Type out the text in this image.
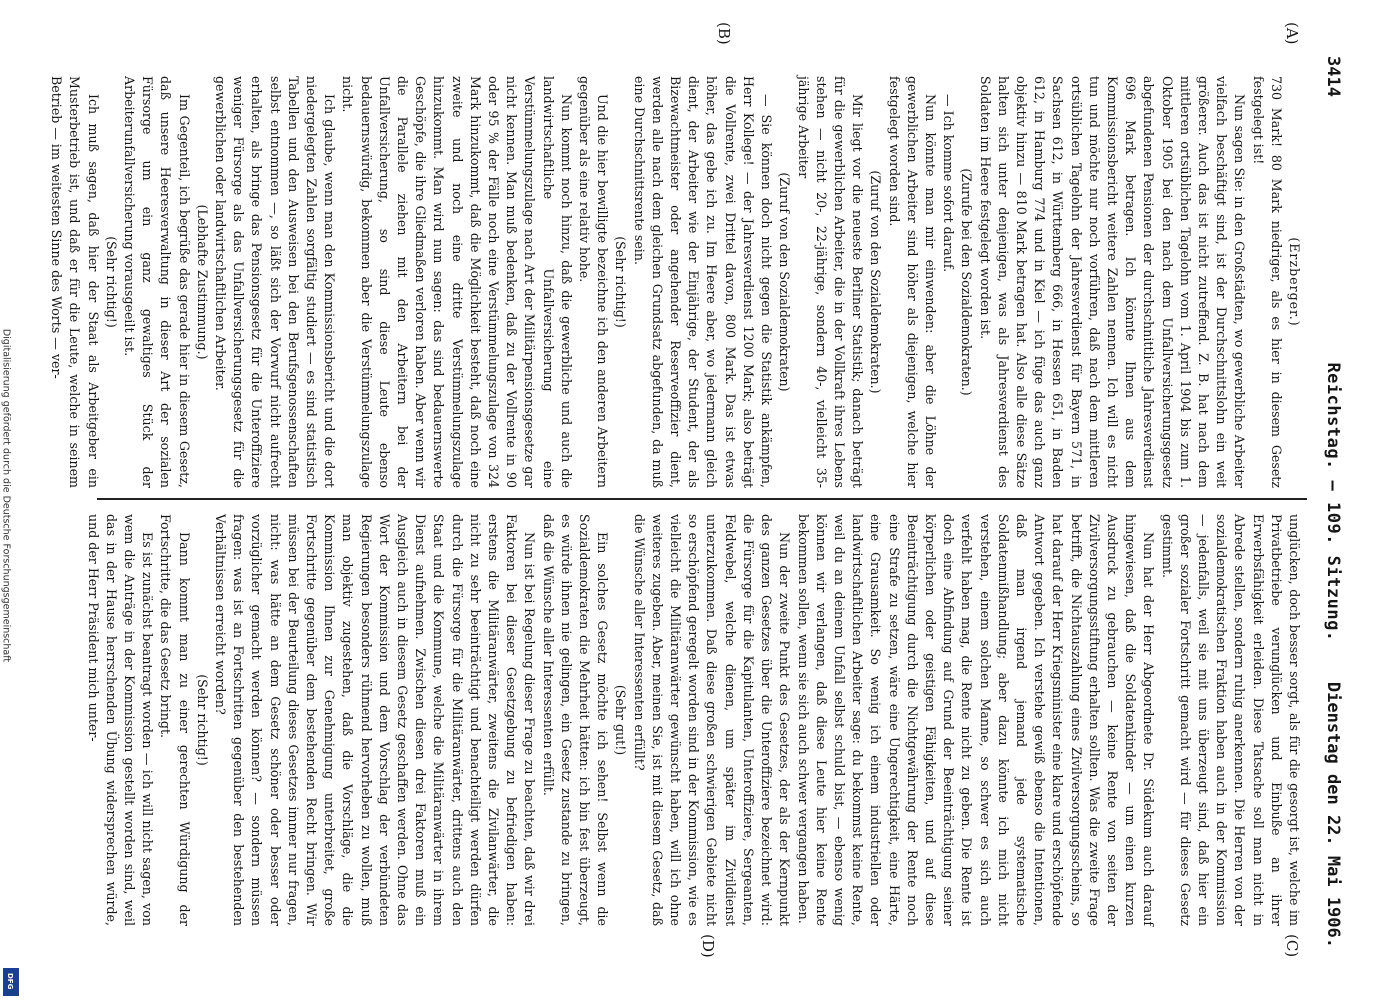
3414
Reichstag. — 109. Sitzung.
Dienstag den 22. Mai 1906.
(A)
(B)
(C)
(D)

(Erzberger.)

730 Mark! 80 Mark niedriger, als es hier in diesem Gesetz festgelegt ist!

Nun sagen Sie: in den Großstädten, wo gewerbliche Arbeiter vielfach beschäftigt sind, ist der Durchschnittslohn ein weit größerer. Auch das ist nicht zutreffend. Z. B. hat nach dem mittleren ortsüblichen Tagelohn vom 1. April 1904 bis zum 1. Oktober 1905 bei den nach dem Unfallversicherungsgesetz abgefundenen Pensionen der durchschnittliche Jahresverdienst 696 Mark betragen. Ich könnte Ihnen aus dem Kommissionsbericht weitere Zahlen nennen. Ich will es nicht tun und möchte nur noch vorführen, daß nach dem mittleren ortsüblichen Tagelohn der Jahresverdienst für Bayern 571, in Sachsen 612, in Württemberg 666, in Hessen 651, in Baden 612, in Hamburg 774 und in Kiel — ich füge das auch ganz objektiv hinzu — 810 Mark betragen hat. Also alle diese Sätze halten sich unter denjenigen, was als Jahresverdienst des Soldaten im Heere festgelegt worden ist.

(Zurufe bei den Sozialdemokraten.)

— Ich komme sofort darauf.

Nun könnte man mir einwenden: aber die Löhne der gewerblichen Arbeiter sind höher als diejenigen, welche hier festgelegt worden sind.

(Zuruf von den Sozialdemokraten.)

Mir liegt vor die neueste Berliner Statistik; danach beträgt für die gewerblichen Arbeiter, die in der Vollkraft ihres Lebens stehen — nicht 20-, 22-jährige, sondern 40-, vielleicht 35-jährige Arbeiter

(Zuruf von den Sozialdemokraten)

— Sie können doch nicht gegen die Statistik ankämpfen, Herr Kollege! — der Jahresverdienst 1200 Mark; also beträgt die Vollrente, zwei Drittel davon, 800 Mark. Das ist etwas höher, das gebe ich zu. Im Heere aber, wo jedermann gleich dient, der Arbeiter wie der Einjährige, der Student, der als Bizewachtmeister oder angehender Reserveoffizier dient, werden alle nach dem gleichen Grundsatz abgefunden, da muß eine Durchschnittsrente sein.

(Sehr richtig!)

Und die hier bewilligte bezeichne ich den anderen Arbeitern gegenüber als eine relativ hohe.

Nun kommt noch hinzu, daß die gewerbliche und auch die landwirtschaftliche Unfallversicherung eine Verstümmelungszulage nach Art der Militärpensionsgesetze gar nicht kennen. Man muß bedenken, daß zu der Vollrente in 90 oder 95 % der Fälle noch eine Verstümmelungszulage von 324 Mark hinzukommt, daß die Möglichkeit besteht, daß noch eine zweite und noch eine dritte Verstümmelungszulage hinzukommt. Man wird nun sagen: das sind bedauernswerte Geschöpfe, die ihre Gliedmaßen verloren haben. Aber wenn wir die Parallele ziehen mit den Arbeitern bei der Unfallversicherung, so sind diese Leute ebenso bedauernswürdig, bekommen aber die Verstümmelungszulage nicht.

Ich glaube, wenn man den Kommissionsbericht und die dort niedergelegten Zahlen sorgfältig studiert — es sind statistisch Tabellen und den Ausweisen bei den Berufsgenossenschaften selbst entnommen —, so läßt sich der Vorwurf nicht aufrecht erhalten, als bringe das Pensionsgesetz für die Unteroffiziere weniger Fürsorge als das Unfallversicherungsgesetz für die gewerblichen oder landwirtschaftlichen Arbeiter.

(Lebhafte Zustimmung.)

Im Gegenteil, ich begrüße das gerade hier in diesem Gesetz, daß unsere Heeresverwaltung in dieser Art der sozialen Fürsorge um ein ganz gewaltiges Stück der Arbeiterunfallversicherung vorausgeeilt ist.

(Sehr richtig!)

Ich muß sagen, daß hier der Staat als Arbeitgeber ein Musterbetrieb ist, und daß er für die Leute, welche in seinem Betrieb — im weitesten Sinne des Worts — ver-

unglücken, doch besser sorgt, als für die gesorgt ist, welche im Privatbetriebe verunglücken und Einbuße an ihrer Erwerbsfähigkeit erleiden. Diese Tatsache soll man nicht in Abrede stellen, sondern ruhig anerkennen. Die Herren von der sozialdemokratischen Fraktion haben auch in der Kommission — jedenfalls, weil sie mit uns überzeugt sind, daß hier ein großer sozialer Fortschritt gemacht wird — für dieses Gesetz gestimmt.

Nun hat der Herr Abgeordnete Dr. Südekum auch darauf hingewiesen, daß die Soldatenkinder — um einen kurzen Ausdruck zu gebrauchen — keine Rente von seiten der Zivilversorgungsstiftung erhalten sollten. Was die zweite Frage betrifft, die Nichtauszahlung eines Zivilversorgungsscheins, so hat darauf der Herr Kriegsminister eine klare und erschöpfende Antwort gegeben. Ich verstehe gewiß ebenso die Intentionen, daß man irgend jemand jede systematische Soldatenmißhandlung; aber dazu könnte ich mich nicht verstehen, einem solchen Manne, so schwer es sich auch verfehlt haben mag, die Rente nicht zu geben. Die Rente ist doch eine Abfindung auf Grund der Beeinträchtigung seiner körperlichen oder geistigen Fähigkeiten, und auf diese Beeinträchtigung durch die Nichtgewährung der Rente noch eine Strafe zu setzen, wäre eine Ungerechtigkeit, eine Härte, eine Grausamkeit. So wenig ich einem industriellen oder landwirtschaftlichen Arbeiter sage: du bekommst keine Rente, weil du an deinem Unfall selbst schuld bist, — ebenso wenig können wir verlangen, daß diese Leute hier keine Rente bekommen sollen, wenn sie sich auch schwer vergangen haben.

Nun der zweite Punkt des Gesetzes, der als der Kernpunkt des ganzen Gesetzes über die Unteroffiziere bezeichnet wird: die Fürsorge für die Kapitulanten, Unteroffiziere, Sergeanten, Feldwebel, welche dienen, um später im Zivildienst unterzukommen. Daß diese großen schwierigen Gebiete nicht so erschöpfend geregelt worden sind in der Kommission, wie es vielleicht die Militäranwärter gewünscht haben, will ich ohne weiteres zugeben. Aber, meinen Sie, ist mit diesem Gesetz, daß die Wünsche aller Interessenten erfüllt?

(Sehr gut!)

Ein solches Gesetz möchte ich sehen! Selbst wenn die Sozialdemokraten die Mehrheit hätten: ich bin fest überzeugt, es würde ihnen nie gelingen, ein Gesetz zustande zu bringen, daß die Wünsche aller Interessenten erfüllt.

Nun ist bei Regelung dieser Frage zu beachten, daß wir drei Faktoren bei dieser Gesetzgebung zu befriedigen haben: erstens die Militäranwärter, zweitens die Zivilanwärter, die nicht zu sehr beeinträchtigt und benachteiligt werden dürfen durch die Fürsorge für die Militäranwärter, drittens auch den Staat und die Kommune, welche die Militäranwärter in ihrem Dienst aufnehmen. Zwischen diesen drei Faktoren muß ein Ausgleich auch in diesem Gesetz geschaffen werden. Ohne das Wort der Kommission und dem Vorschlag der verbündeten Regierungen besonders rühmend hervorheben zu wollen, muß man objektiv zugestehen, daß die Vorschläge, die die Kommission Ihnen zur Genehmigung unterbreitet, große Fortschritte gegenüber dem bestehenden Recht bringen. Wir müssen bei der Beurteilung dieses Gesetzes immer nur fragen, nicht: was hätte an dem Gesetz schöner oder besser oder vorzüglicher gemacht werden können? — sondern müssen fragen: was ist an Fortschritten gegenüber den bestehenden Verhältnissen erreicht worden?

(Sehr richtig!)

Dann kommt man zu einer gerechten Würdigung der Fortschritte, die das Gesetz bringt.

Es ist zunächst beantragt worden — ich will nicht sagen, von wem die Anträge in der Kommission gestellt worden sind, weil das in der Hause herrschenden Übung widersprechen würde, und der Herr Präsident mich unter-

Digitalisierung gefördert durch die Deutsche Forschungsgemeinschaft
DFG
